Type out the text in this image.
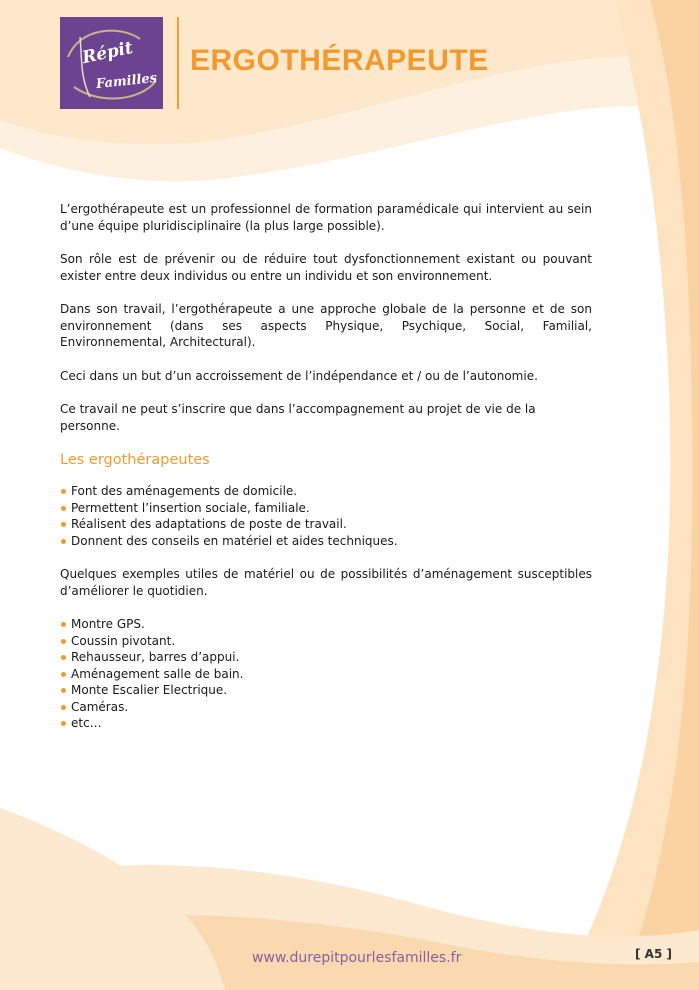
Répit
Familles
ERGOTHÉRAPEUTE

L’ergothérapeute est un professionnel de formation paramédicale qui intervient au sein d’une équipe pluridisciplinaire (la plus large possible).

Son rôle est de prévenir ou de réduire tout dysfonctionnement existant ou pouvant exister entre deux individus ou entre un individu et son environnement.

Dans son travail, l’ergothérapeute a une approche globale de la personne et de son environnement (dans ses aspects Physique, Psychique, Social, Familial, Environnemental, Architectural).

Ceci dans un but d’un accroissement de l’indépendance et / ou de l’autonomie.

Ce travail ne peut s’inscrire que dans l’accompagnement au projet de vie de la personne.

Les ergothérapeutes
Font des aménagements de domicile.
Permettent l’insertion sociale, familiale.
Réalisent des adaptations de poste de travail.
Donnent des conseils en matériel et aides techniques.

Quelques exemples utiles de matériel ou de possibilités d’aménagement susceptibles d’améliorer le quotidien.

Montre GPS.
Coussin pivotant.
Rehausseur, barres d’appui.
Aménagement salle de bain.
Monte Escalier Electrique.
Caméras.
etc…
www.durepitpourlesfamilles.fr	[ A5 ]
